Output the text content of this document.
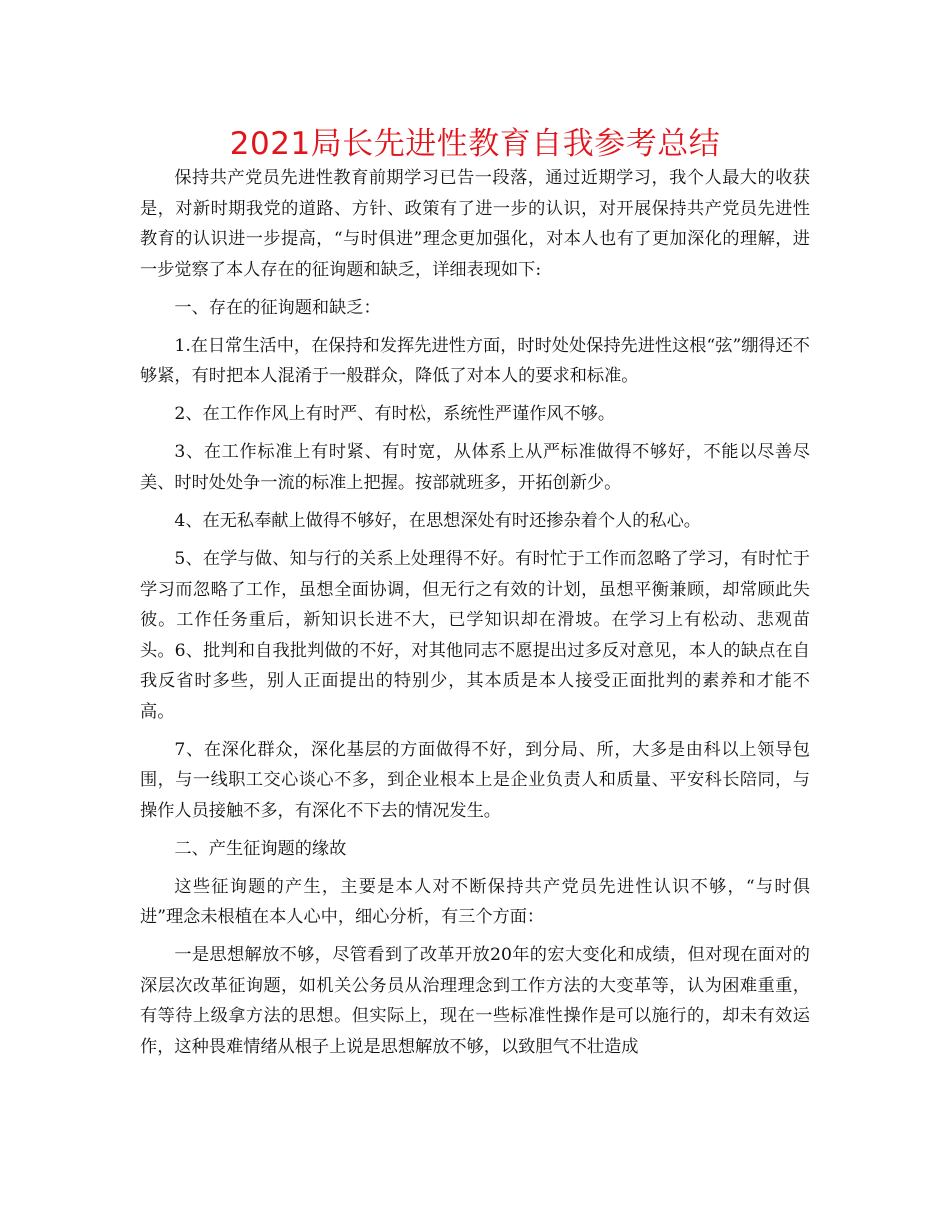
2021局长先进性教育自我参考总结

保持共产党员先进性教育前期学习已告一段落，通过近期学习，我个人最大的收获是，对新时期我党的道路、方针、政策有了进一步的认识，对开展保持共产党员先进性教育的认识进一步提高，“与时俱进”理念更加强化，对本人也有了更加深化的理解，进一步觉察了本人存在的征询题和缺乏，详细表现如下:

一、存在的征询题和缺乏：

1.在日常生活中，在保持和发挥先进性方面，时时处处保持先进性这根“弦”绷得还不够紧，有时把本人混淆于一般群众，降低了对本人的要求和标准。

2、在工作作风上有时严、有时松，系统性严谨作风不够。

3、在工作标准上有时紧、有时宽，从体系上从严标准做得不够好，不能以尽善尽美、时时处处争一流的标准上把握。按部就班多，开拓创新少。

4、在无私奉献上做得不够好，在思想深处有时还掺杂着个人的私心。

5、在学与做、知与行的关系上处理得不好。有时忙于工作而忽略了学习，有时忙于学习而忽略了工作，虽想全面协调，但无行之有效的计划，虽想平衡兼顾，却常顾此失彼。工作任务重后，新知识长进不大，已学知识却在滑坡。在学习上有松动、悲观苗头。6、批判和自我批判做的不好，对其他同志不愿提出过多反对意见，本人的缺点在自我反省时多些，别人正面提出的特别少，其本质是本人接受正面批判的素养和才能不高。

7、在深化群众，深化基层的方面做得不好，到分局、所，大多是由科以上领导包围，与一线职工交心谈心不多，到企业根本上是企业负责人和质量、平安科长陪同，与操作人员接触不多，有深化不下去的情况发生。

二、产生征询题的缘故

这些征询题的产生，主要是本人对不断保持共产党员先进性认识不够，“与时俱进”理念未根植在本人心中，细心分析，有三个方面：

一是思想解放不够，尽管看到了改革开放20年的宏大变化和成绩，但对现在面对的深层次改革征询题，如机关公务员从治理理念到工作方法的大变革等，认为困难重重，有等待上级拿方法的思想。但实际上，现在一些标准性操作是可以施行的，却未有效运作，这种畏难情绪从根子上说是思想解放不够，以致胆气不壮造成
